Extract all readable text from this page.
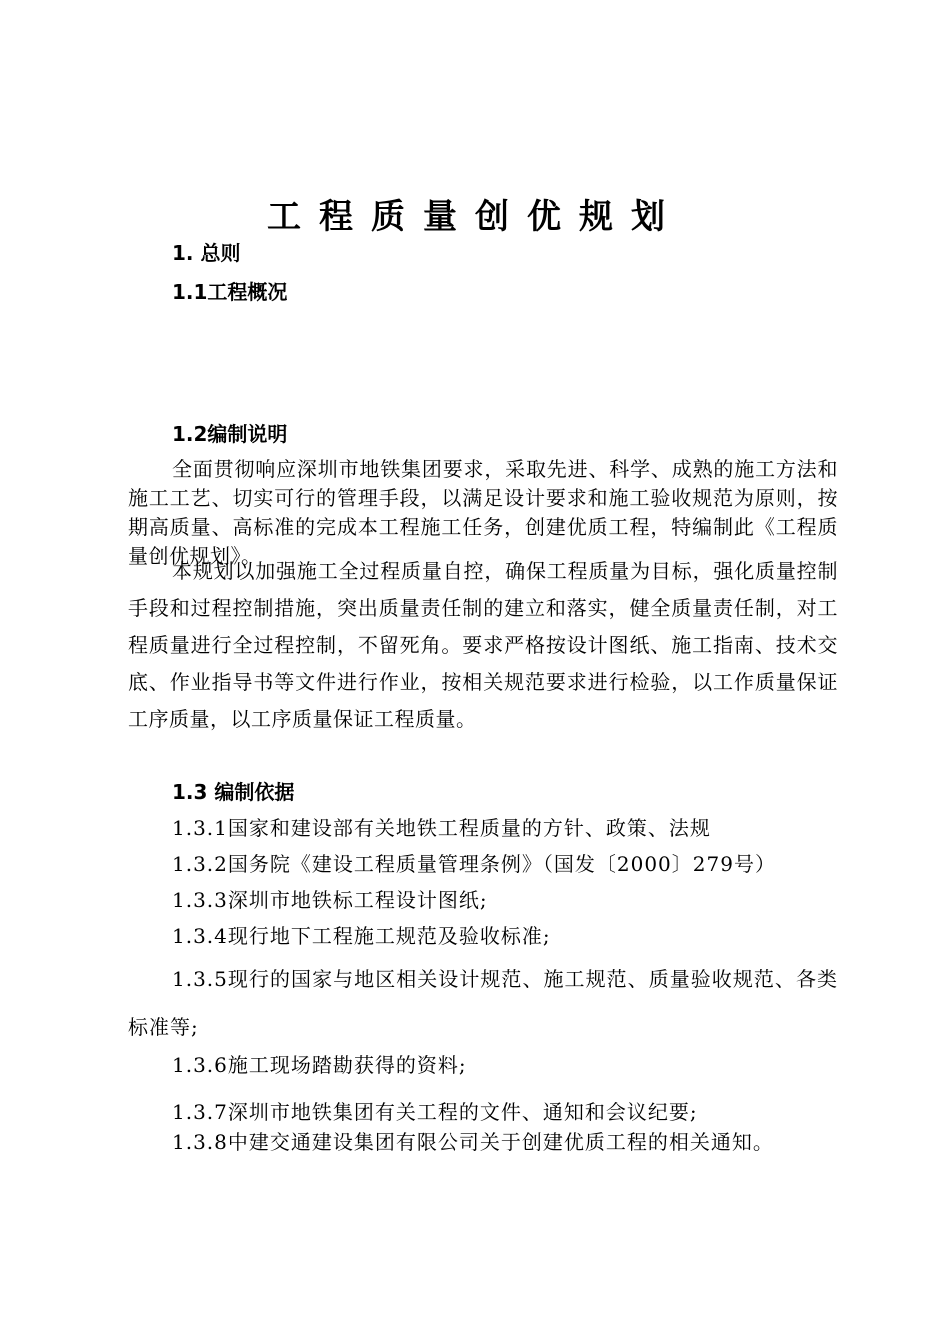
工程质量创优规划
1. 总则
1.1工程概况
1.2编制说明

全面贯彻响应深圳市地铁集团要求，采取先进、科学、成熟的施工方法和施工工艺、切实可行的管理手段，以满足设计要求和施工验收规范为原则，按期高质量、高标准的完成本工程施工任务，创建优质工程，特编制此《工程质量创优规划》。

本规划以加强施工全过程质量自控，确保工程质量为目标，强化质量控制手段和过程控制措施，突出质量责任制的建立和落实，健全质量责任制，对工程质量进行全过程控制，不留死角。要求严格按设计图纸、施工指南、技术交底、作业指导书等文件进行作业，按相关规范要求进行检验，以工作质量保证工序质量，以工序质量保证工程质量。

1.3 编制依据

1.3.1国家和建设部有关地铁工程质量的方针、政策、法规

1.3.2国务院《建设工程质量管理条例》（国发〔2000〕279号）

1.3.3深圳市地铁标工程设计图纸;

1.3.4现行地下工程施工规范及验收标准;

1.3.5现行的国家与地区相关设计规范、施工规范、质量验收规范、各类标准等;

1.3.6施工现场踏勘获得的资料;

1.3.7深圳市地铁集团有关工程的文件、通知和会议纪要;

1.3.8中建交通建设集团有限公司关于创建优质工程的相关通知。
